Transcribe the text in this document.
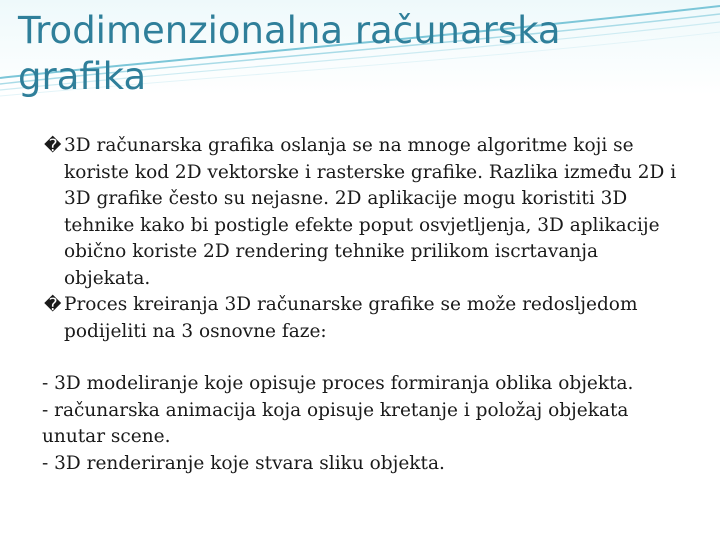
Trodimenzionalna računarska grafika

� 3D računarska grafika oslanja se na mnoge algoritme koji se koriste kod 2D vektorske i rasterske grafike. Razlika između 2D i 3D grafike često su nejasne. 2D aplikacije mogu koristiti 3D tehnike kako bi postigle efekte poput osvjetljenja, 3D aplikacije obično koriste 2D rendering tehnike prilikom iscrtavanja objekata.

� Proces kreiranja 3D računarske grafike se može redosljedom podijeliti na 3 osnovne faze:

- 3D modeliranje koje opisuje proces formiranja oblika objekta.

- računarska animacija koja opisuje kretanje i položaj objekata unutar scene.

- 3D renderiranje koje stvara sliku objekta.
